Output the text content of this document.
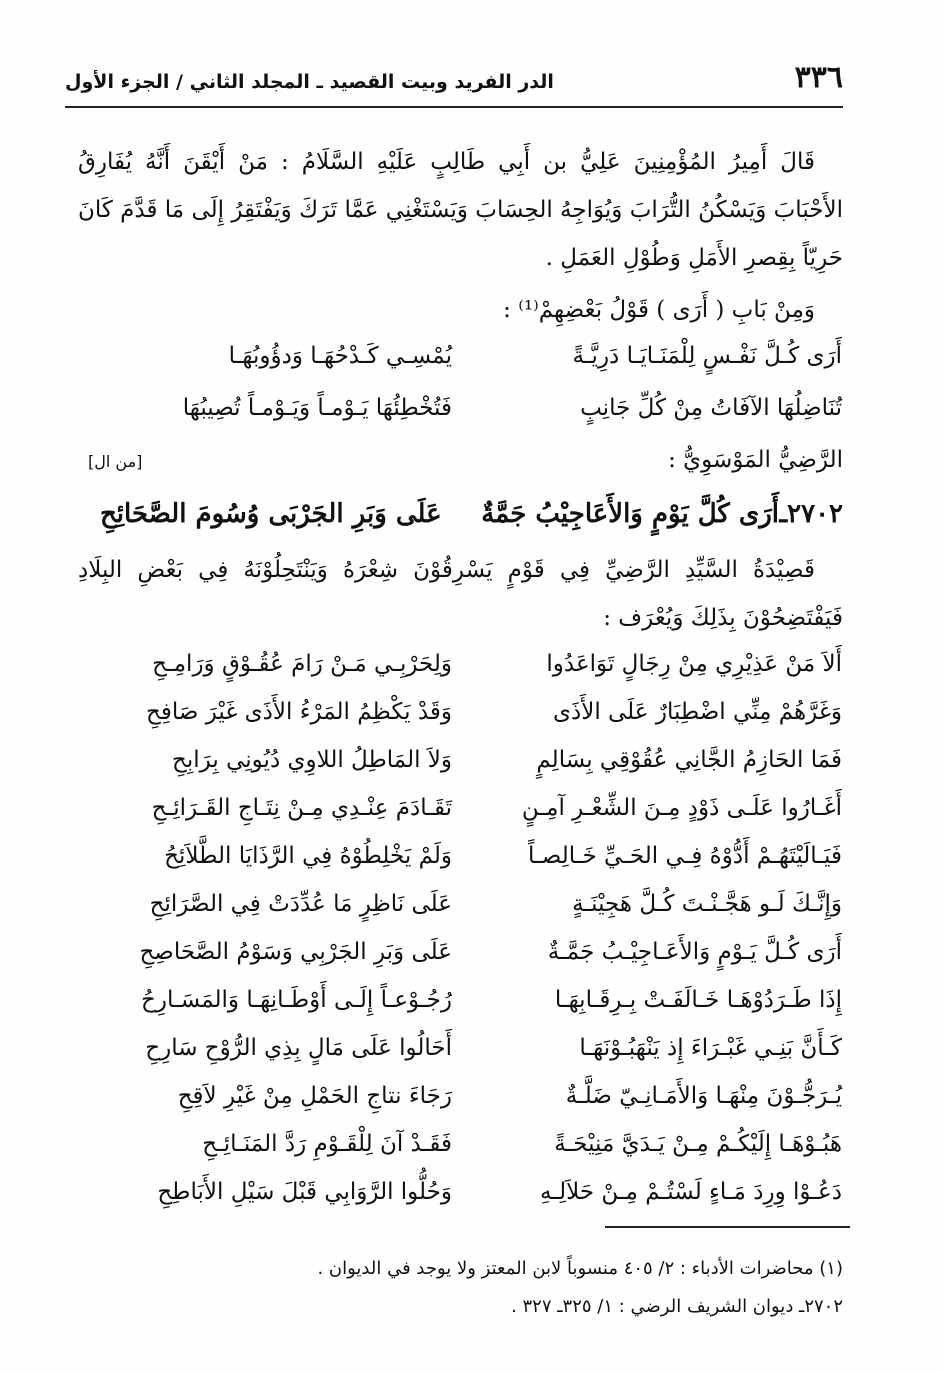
٣٣٦
الدر الفريد وبيت القصيد ـ المجلد الثاني / الجزء الأول
قَالَ أَمِيرُ المُؤْمِنِينَ عَلِيُّ بن أَبِي طَالِبٍ عَلَيْهِ السَّلَامُ : مَنْ أَيْقَنَ أَنَّهُ يُفَارِقُ الأَحْبَابَ وَيَسْكُنُ التُّرَابَ وَيُوَاجِهُ الحِسَابَ وَيَسْتَغْنِي عَمَّا تَرَكَ وَيَفْتَقِرُ إِلَى مَا قَدَّمَ كَانَ حَرِيّاً بِقِصرِ الأَمَلِ وَطُوْلِ العَمَلِ .
وَمِنْ بَابِ ( أَرَى ) قَوْلُ بَعْضِهِمْ⁽¹⁾ :
أَرَى كُـلَّ نَفْـسٍ لِلْمَنَـايَـا دَرِيَّـةً
يُمْسِـي كَـدْحُهَـا وَدؤُوبُهَـا
تُنَاضِلُهَا الآفَاتُ مِنْ كُلِّ جَانِبٍ
فَتُخْطِئُهَا يَـوْمـاً وَيَـوْمـاً تُصِيبُهَا
الرَّضِيُّ المَوْسَوِيُّ :
[من ال]
٢٧٠٢ـ
أَرَى كُلَّ يَوْمٍ وَالأَعَاجِيْبُ جَمَّةٌ
عَلَى وَبَرِ الجَرْبَى وُسُومَ الصَّحَائِحِ
قَصِيْدَةُ السَّيِّدِ الرَّضِيِّ فِي قَوْمٍ يَسْرِقُوْنَ شِعْرَهُ وَيَنْتَحِلُوْنَهُ فِي بَعْضِ البِلَادِ فَيَفْتَضِحُوْنَ بِذَلِكَ وَيُعْرَف :
أَلاَ مَنْ عَذِيْرِي مِنْ رِجَالٍ تَوَاعَدُوا
وَلِحَرْبِـي مَـنْ رَامَ عُقُـوْقٍ وَرَامِـحِ
وَغَرَّهُمْ مِنِّي اضْطِبَارٌ عَلَى الأَذَى
وَقَدْ يَكْظِمُ المَرْءُ الأَذَى غَيْرَ صَافِحِ
فَمَا الحَازِمُ الجَّانِي عُقُوْقِي بِسَالِمٍ
وَلاَ المَاطِلُ اللاوِي دُيُونِي بِرَابِحِ
أَغَـارُوا عَلَـى ذَوْدٍ مِـنَ الشِّعْـرِ آمِـنٍ
تَقَـادَمَ عِنْـدِي مِـنْ نِتَـاجِ القَـرَائِـحِ
فَيَـالَيْتَهُـمْ أَدُّوْهُ فِـي الحَـيِّ خَـالِصـاً
وَلَمْ يَخْلِطُوْهُ فِي الرَّذَايَا الطَّلاَئِحُ
وَإِنَّـكَ لَـو هَجَّـنْـتَ كُـلَّ هَجِيْنَـةٍ
عَلَى نَاظِرٍ مَا عُدِّدَتْ فِي الصَّرَائِحِ
أَرَى كُـلَّ يَـوْمٍ وَالأَعَـاجِيْـبُ جَمَّـةٌ
عَلَى وَبَرِ الجَرْبِي وَسَوْمُ الصَّحَاصِحِ
إِذَا طَـرَدُوْهَـا خَـالَفَـتْ بِـرِقَـابِهَـا
رُجُـوْعـاً إِلَـى أَوْطَـانِهَـا وَالمَسَـارِحُ
كَـأَنَّ بَنِـي غَبْـرَاءَ إِذ يَنْهَبُـوْنَهَـا
أَحَالُوا عَلَى مَالٍ بِذِي الرُّوْحِ سَارِحِ
يُـرَجُّـوْنَ مِنْهَـا وَالأَمَـانِـيّ ضَلَّـةٌ
رَجَاءَ نتاجِ الحَمْلِ مِنْ غَيْرِ لاَقِحِ
هَبُـوْهَـا إِلَيْكُـمْ مِـنْ يَـدَيَّ مَنِيْحَـةً
فَقَـدْ آنَ لِلْقَـوْمِ رَدَّ المَنَـائِـحِ
دَعُـوْا وِرِدَ مَـاءٍ لَسْتُـمْ مِـنْ حَلاَلِـهِ
وَحُلُّوا الرَّوَابِي قَبْلَ سَيْلِ الأَبَاطِحِ
(١) محاضرات الأدباء : ٢/ ٤٠٥ منسوباً لابن المعتز ولا يوجد في الديوان .
٢٧٠٢ـ ديوان الشريف الرضي : ١/ ٣٢٥ـ ٣٢٧ .
